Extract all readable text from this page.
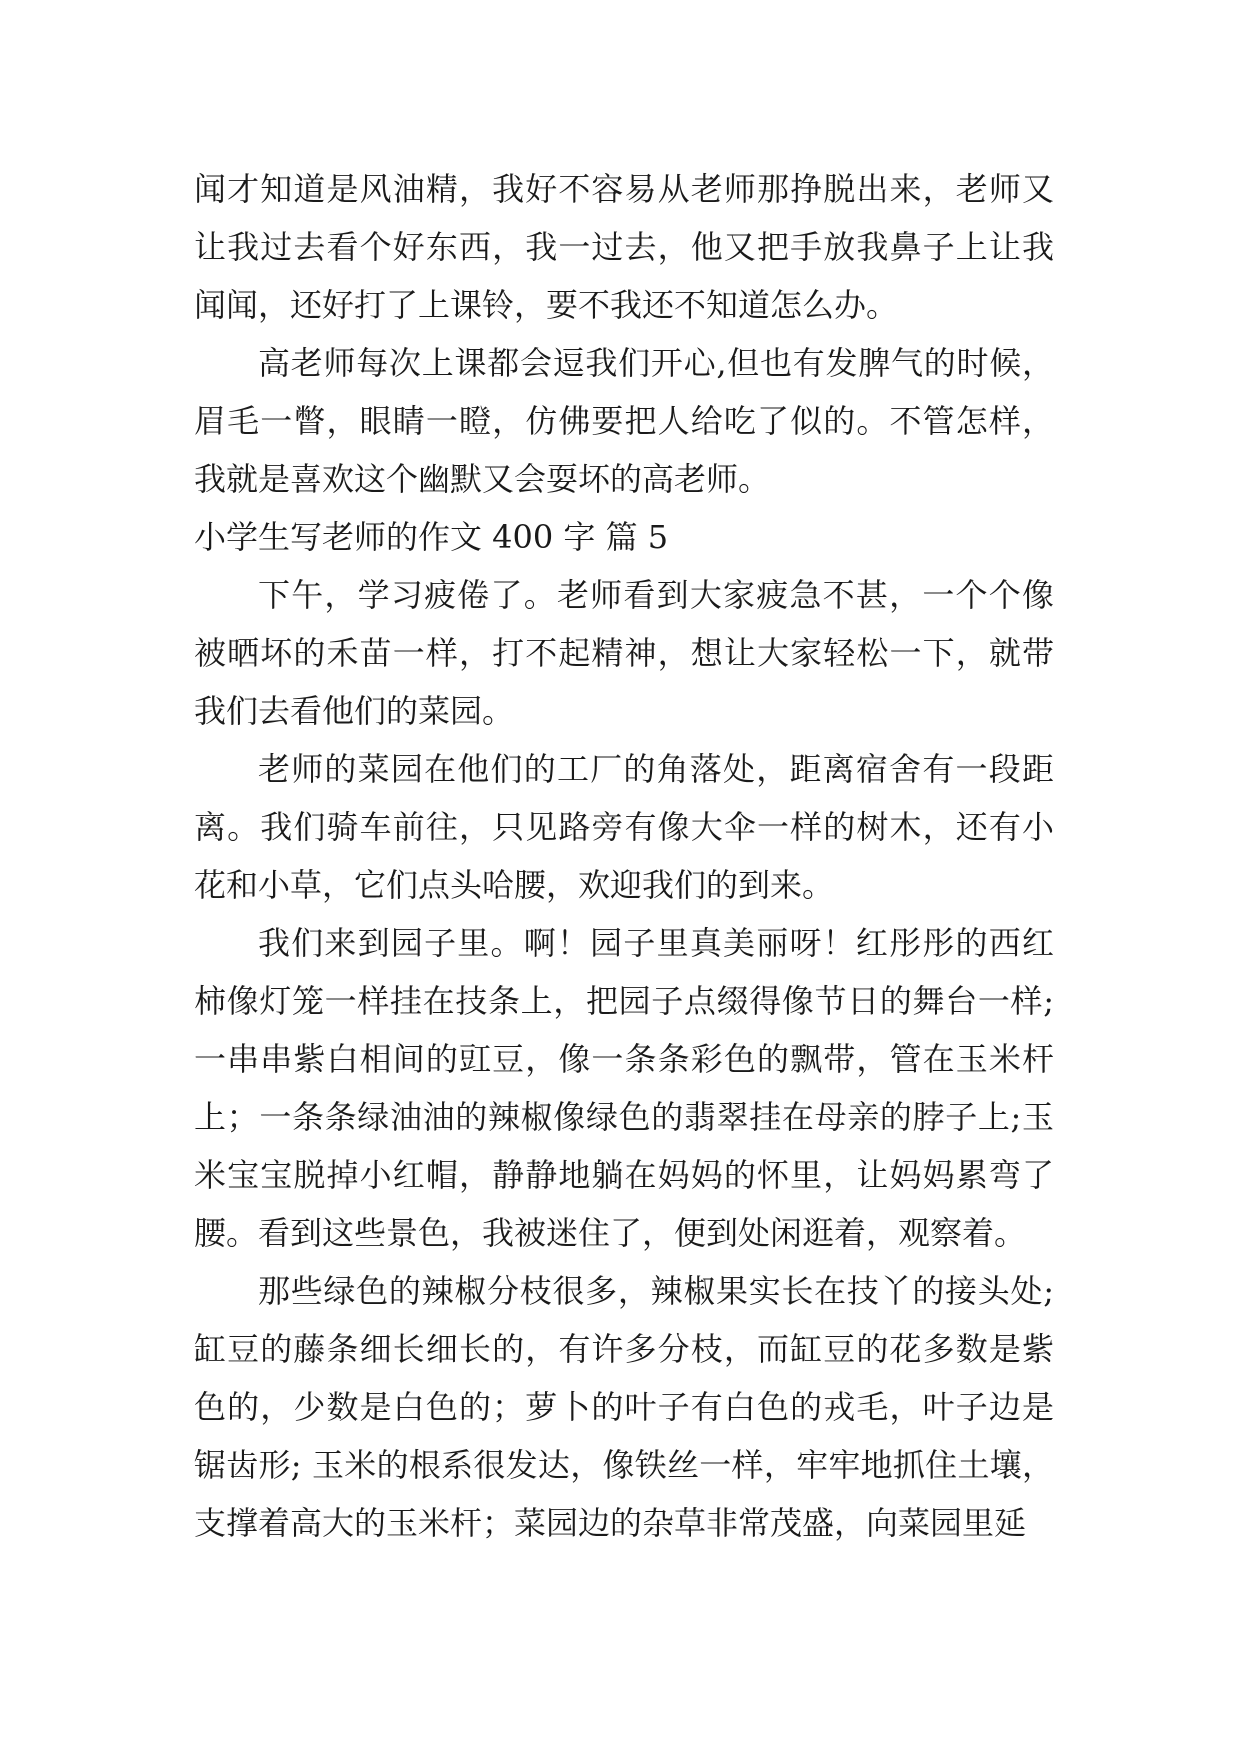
闻才知道是风油精，我好不容易从老师那挣脱出来，老师又让我过去看个好东西，我一过去，他又把手放我鼻子上让我闻闻，还好打了上课铃，要不我还不知道怎么办。

高老师每次上课都会逗我们开心,但也有发脾气的时候，眉毛一瞥，眼睛一瞪，仿佛要把人给吃了似的。不管怎样，我就是喜欢这个幽默又会耍坏的高老师。

小学生写老师的作文 400 字 篇 5

下午，学习疲倦了。老师看到大家疲急不甚，一个个像被晒坏的禾苗一样，打不起精神，想让大家轻松一下，就带我们去看他们的菜园。

老师的菜园在他们的工厂的角落处，距离宿舍有一段距离。我们骑车前往，只见路旁有像大伞一样的树木，还有小花和小草，它们点头哈腰，欢迎我们的到来。

我们来到园子里。啊！园子里真美丽呀！红彤彤的西红柿像灯笼一样挂在技条上，把园子点缀得像节日的舞台一样;一串串紫白相间的豇豆，像一条条彩色的飘带，管在玉米杆上；一条条绿油油的辣椒像绿色的翡翠挂在母亲的脖子上;玉米宝宝脱掉小红帽，静静地躺在妈妈的怀里，让妈妈累弯了腰。看到这些景色，我被迷住了，便到处闲逛着，观察着。

那些绿色的辣椒分枝很多，辣椒果实长在技丫的接头处;缸豆的藤条细长细长的，有许多分枝，而缸豆的花多数是紫色的，少数是白色的；萝卜的叶子有白色的戎毛，叶子边是锯齿形; 玉米的根系很发达，像铁丝一样，牢牢地抓住土壤，支撑着高大的玉米杆；菜园边的杂草非常茂盛，向菜园里延
